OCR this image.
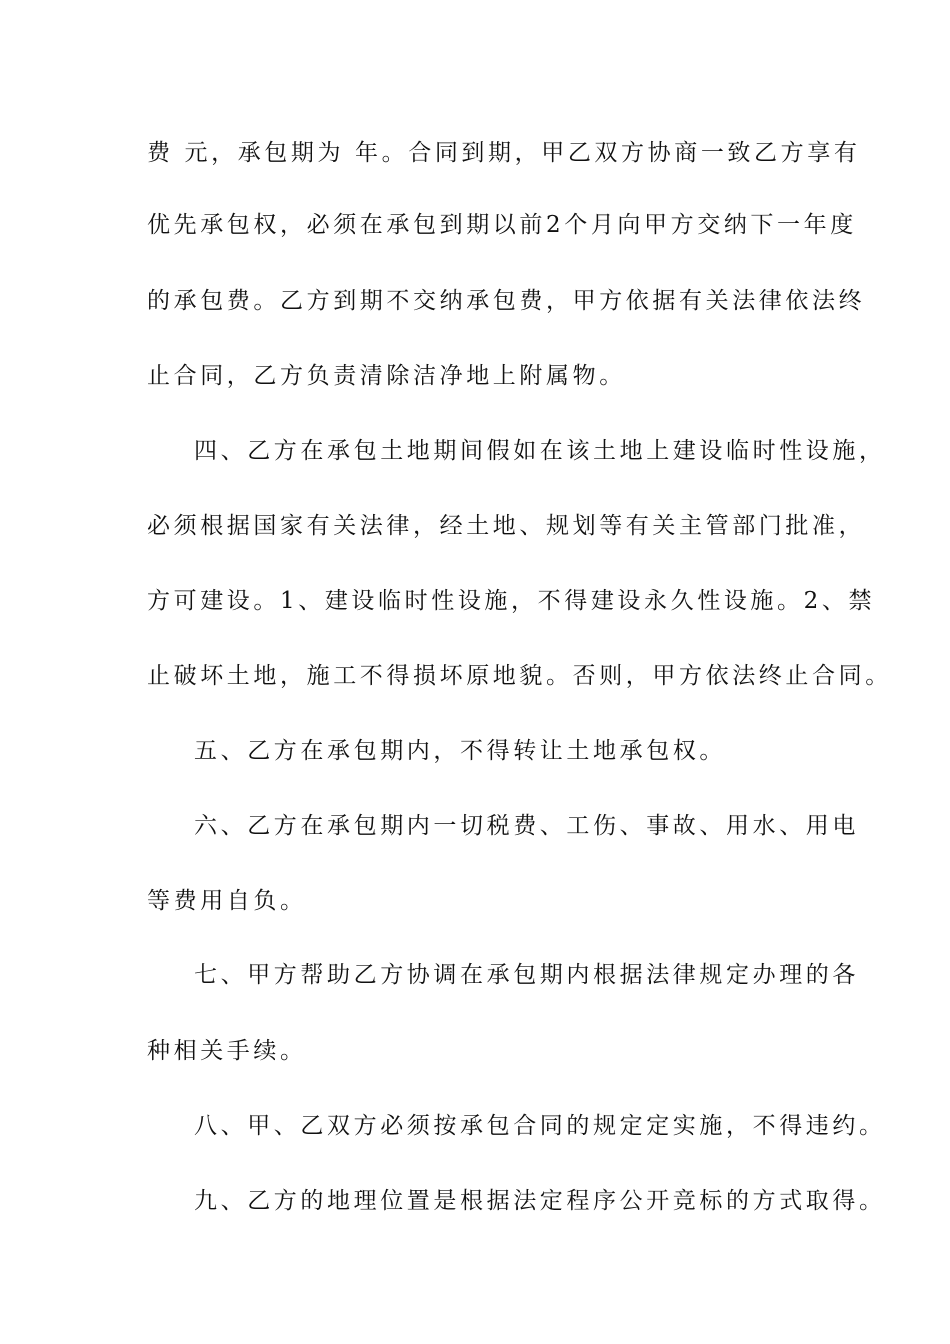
费 元，承包期为 年。合同到期，甲乙双方协商一致乙方享有
优先承包权，必须在承包到期以前2个月向甲方交纳下一年度
的承包费。乙方到期不交纳承包费，甲方依据有关法律依法终
止合同，乙方负责清除洁净地上附属物。
四、乙方在承包土地期间假如在该土地上建设临时性设施，
必须根据国家有关法律，经土地、规划等有关主管部门批准，
方可建设。1、建设临时性设施，不得建设永久性设施。2、禁
止破坏土地，施工不得损坏原地貌。否则，甲方依法终止合同。
五、乙方在承包期内，不得转让土地承包权。
六、乙方在承包期内一切税费、工伤、事故、用水、用电
等费用自负。
七、甲方帮助乙方协调在承包期内根据法律规定办理的各
种相关手续。
八、甲、乙双方必须按承包合同的规定定实施，不得违约。
九、乙方的地理位置是根据法定程序公开竞标的方式取得。
